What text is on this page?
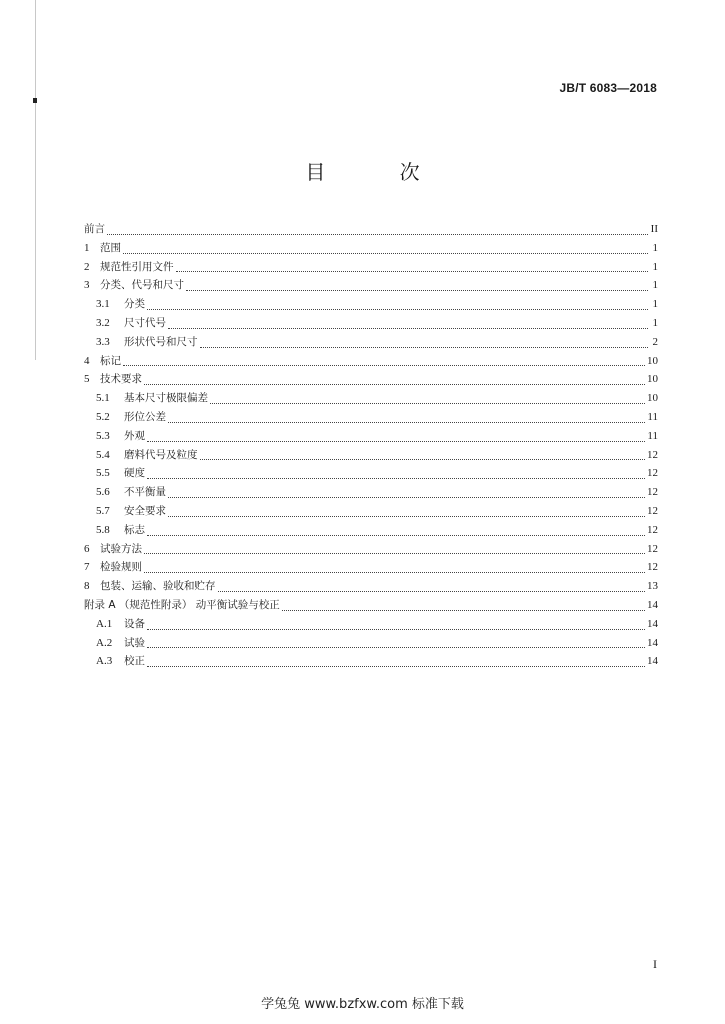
JB/T 6083—2018
目 次
前言	II
1	范围	1
2	规范性引用文件	1
3	分类、代号和尺寸	1
3.1	分类	1
3.2	尺寸代号	1
3.3	形状代号和尺寸	2
4	标记	10
5	技术要求	10
5.1	基本尺寸极限偏差	10
5.2	形位公差	11
5.3	外观	11
5.4	磨料代号及粒度	12
5.5	硬度	12
5.6	不平衡量	12
5.7	安全要求	12
5.8	标志	12
6	试验方法	12
7	检验规则	12
8	包装、运输、验收和贮存	13
附录 A （规范性附录） 动平衡试验与校正	14
A.1	设备	14
A.2	试验	14
A.3	校正	14
I
学兔兔 www.bzfxw.com 标准下载
